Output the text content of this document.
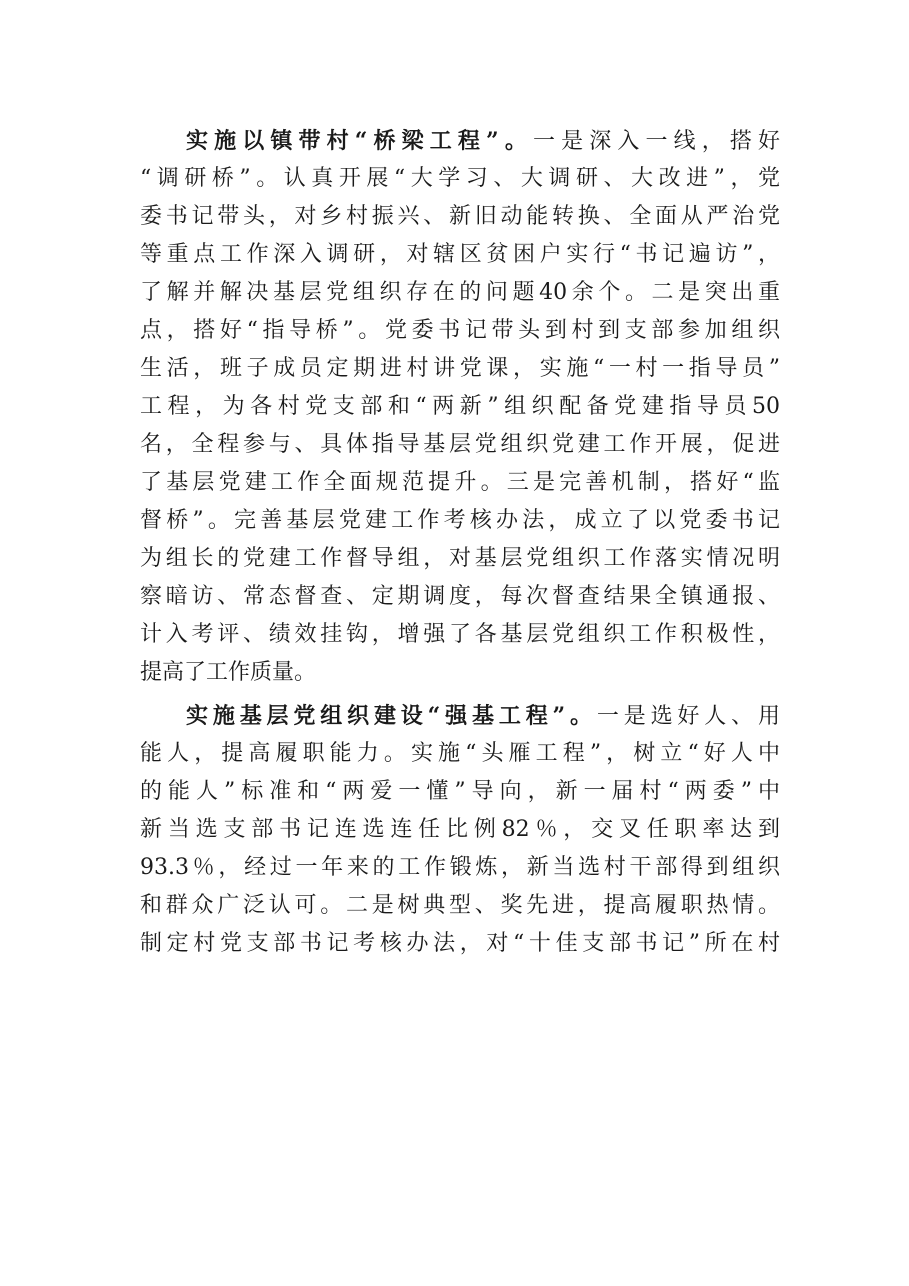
实施以镇带村“桥梁工程”。一是深入一线，搭好
“调研桥”。认真开展“大学习、大调研、大改进”，党
委书记带头，对乡村振兴、新旧动能转换、全面从严治党
等重点工作深入调研，对辖区贫困户实行“书记遍访”，
了解并解决基层党组织存在的问题40余个。二是突出重
点，搭好“指导桥”。党委书记带头到村到支部参加组织
生活，班子成员定期进村讲党课，实施“一村一指导员”
工程，为各村党支部和“两新”组织配备党建指导员50
名，全程参与、具体指导基层党组织党建工作开展，促进
了基层党建工作全面规范提升。三是完善机制，搭好“监
督桥”。完善基层党建工作考核办法，成立了以党委书记
为组长的党建工作督导组，对基层党组织工作落实情况明
察暗访、常态督查、定期调度，每次督查结果全镇通报、
计入考评、绩效挂钩，增强了各基层党组织工作积极性，
提高了工作质量。
实施基层党组织建设“强基工程”。一是选好人、用
能人，提高履职能力。实施“头雁工程”，树立“好人中
的能人”标准和“两爱一懂”导向，新一届村“两委”中
新当选支部书记连选连任比例82％，交叉任职率达到
93.3％，经过一年来的工作锻炼，新当选村干部得到组织
和群众广泛认可。二是树典型、奖先进，提高履职热情。
制定村党支部书记考核办法，对“十佳支部书记”所在村
